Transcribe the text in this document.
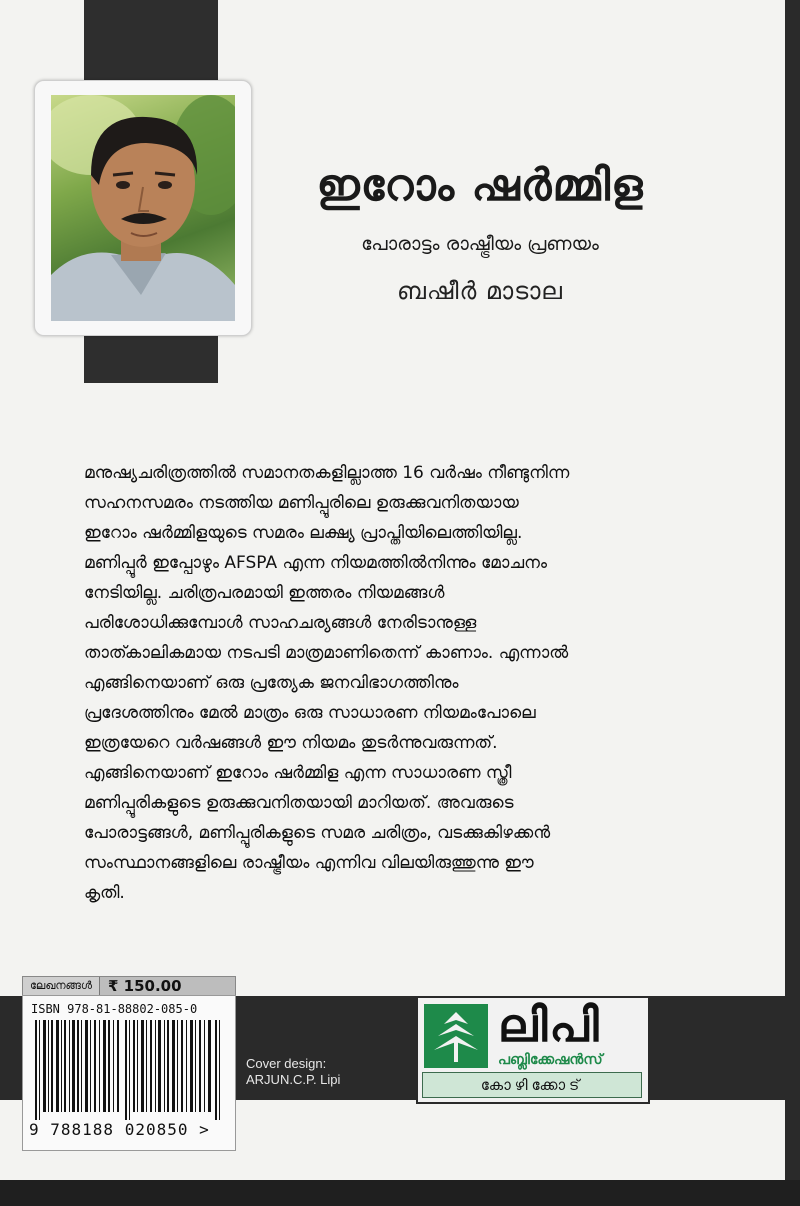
ഇറോം ഷർമ്മിള
പോരാട്ടം രാഷ്ട്രീയം പ്രണയം
ബഷീർ മാടാല

മനുഷ്യചരിത്രത്തിൽ സമാനതകളില്ലാത്ത 16 വർഷം നീണ്ടുനിന്ന

സഹനസമരം നടത്തിയ മണിപ്പൂരിലെ ഉരുക്കുവനിതയായ

ഇറോം ഷർമ്മിളയുടെ സമരം ലക്ഷ്യ പ്രാപ്തിയിലെത്തിയില്ല.

മണിപ്പൂർ ഇപ്പോഴും AFSPA എന്ന നിയമത്തിൽനിന്നും മോചനം

നേടിയില്ല. ചരിത്രപരമായി ഇത്തരം നിയമങ്ങൾ

പരിശോധിക്കുമ്പോൾ സാഹചര്യങ്ങൾ നേരിടാനുള്ള

താത്കാലികമായ നടപടി മാത്രമാണിതെന്ന് കാണാം. എന്നാൽ

എങ്ങിനെയാണ് ഒരു പ്രത്യേക ജനവിഭാഗത്തിനും

പ്രദേശത്തിനും മേൽ മാത്രം ഒരു സാധാരണ നിയമംപോലെ

ഇത്രയേറെ വർഷങ്ങൾ ഈ നിയമം തുടർന്നുവരുന്നത്.

എങ്ങിനെയാണ് ഇറോം ഷർമ്മിള എന്ന സാധാരണ സ്ത്രീ

മണിപ്പൂരികളുടെ ഉരുക്കുവനിതയായി മാറിയത്. അവരുടെ

പോരാട്ടങ്ങൾ, മണിപ്പൂരികളുടെ സമര ചരിത്രം, വടക്കുകിഴക്കൻ

സംസ്ഥാനങ്ങളിലെ രാഷ്ട്രീയം എന്നിവ വിലയിരുത്തുന്നു ഈ

കൃതി.

ലേഖനങ്ങൾ	₹ 150.00
ISBN 978-81-88802-085-0
9 788188 020850 >
Cover design:
ARJUN.C.P. Lipi
ലിപി
പബ്ലിക്കേഷൻസ്
കോഴിക്കോട്
